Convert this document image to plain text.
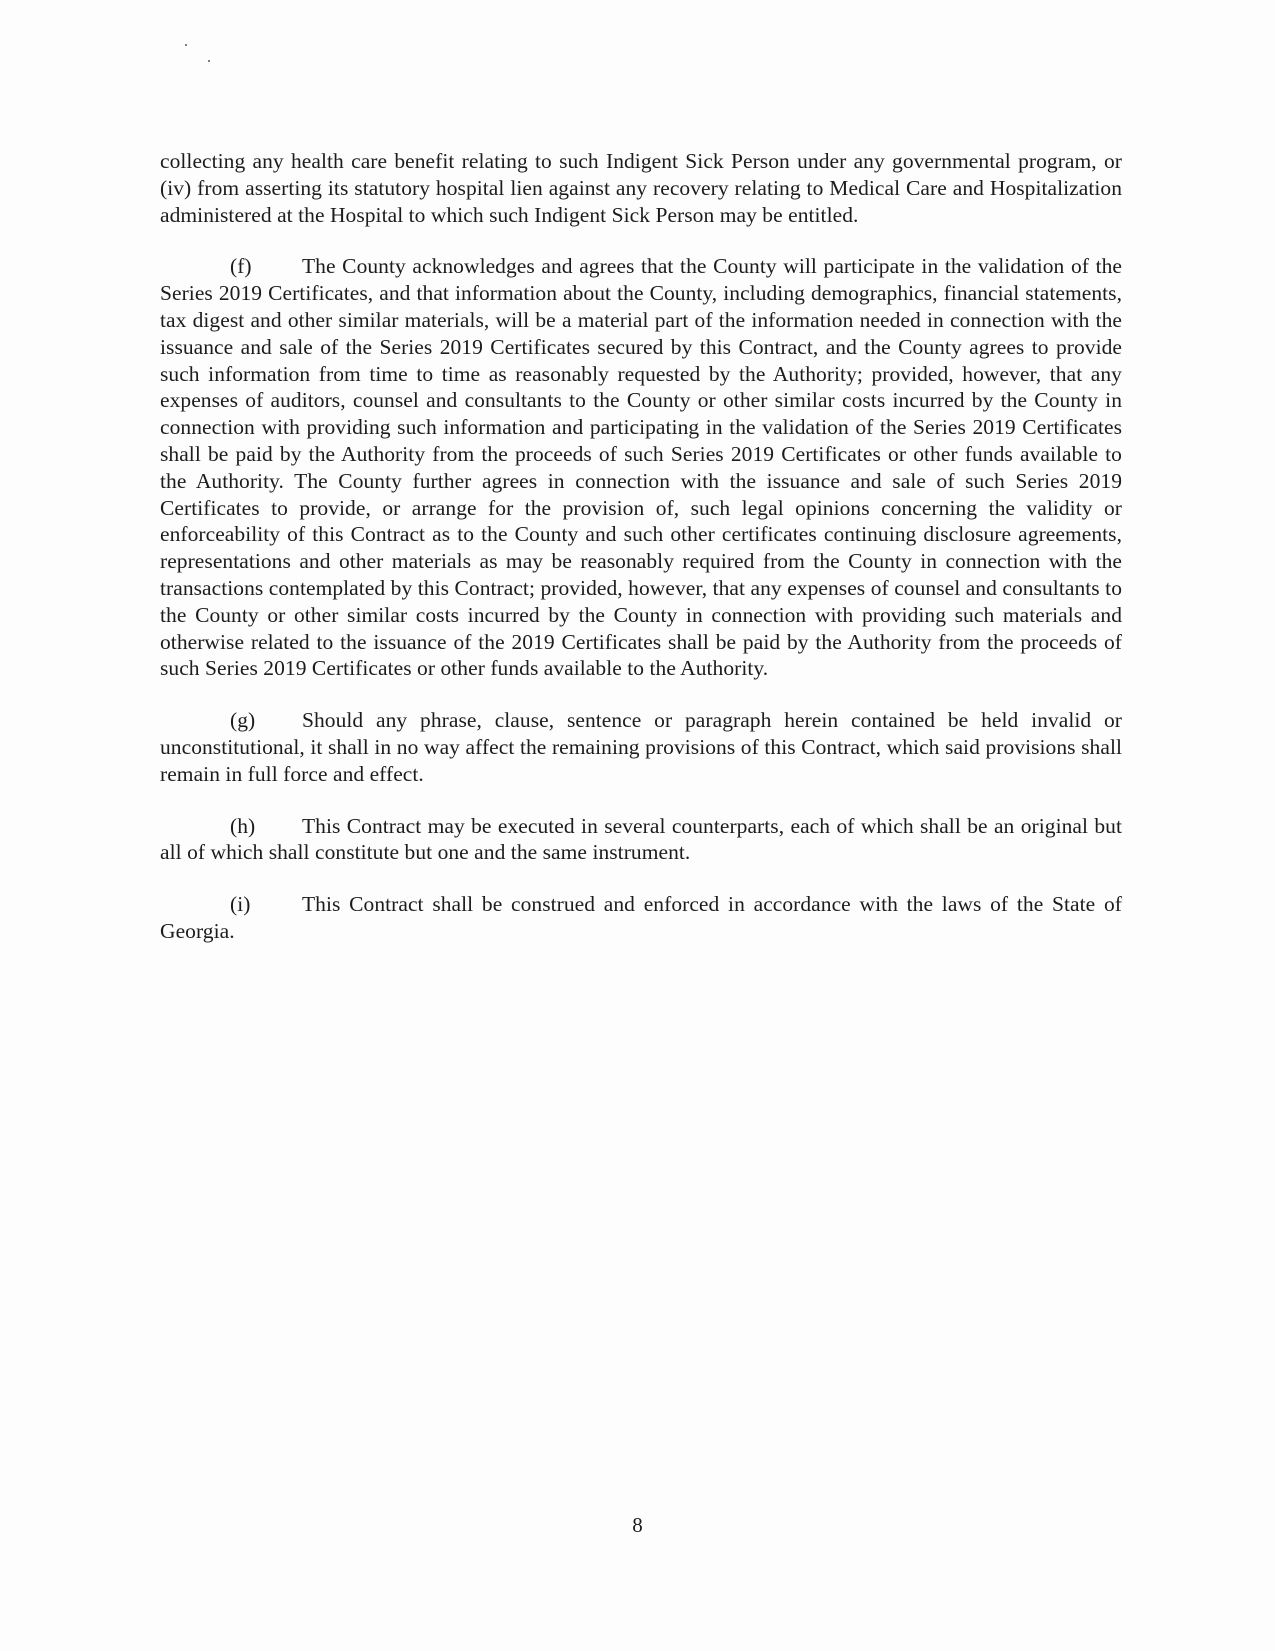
collecting any health care benefit relating to such Indigent Sick Person under any governmental program, or (iv) from asserting its statutory hospital lien against any recovery relating to Medical Care and Hospitalization administered at the Hospital to which such Indigent Sick Person may be entitled.

(f) The County acknowledges and agrees that the County will participate in the validation of the Series 2019 Certificates, and that information about the County, including demographics, financial statements, tax digest and other similar materials, will be a material part of the information needed in connection with the issuance and sale of the Series 2019 Certificates secured by this Contract, and the County agrees to provide such information from time to time as reasonably requested by the Authority; provided, however, that any expenses of auditors, counsel and consultants to the County or other similar costs incurred by the County in connection with providing such information and participating in the validation of the Series 2019 Certificates shall be paid by the Authority from the proceeds of such Series 2019 Certificates or other funds available to the Authority. The County further agrees in connection with the issuance and sale of such Series 2019 Certificates to provide, or arrange for the provision of, such legal opinions concerning the validity or enforceability of this Contract as to the County and such other certificates continuing disclosure agreements, representations and other materials as may be reasonably required from the County in connection with the transactions contemplated by this Contract; provided, however, that any expenses of counsel and consultants to the County or other similar costs incurred by the County in connection with providing such materials and otherwise related to the issuance of the 2019 Certificates shall be paid by the Authority from the proceeds of such Series 2019 Certificates or other funds available to the Authority.

(g) Should any phrase, clause, sentence or paragraph herein contained be held invalid or unconstitutional, it shall in no way affect the remaining provisions of this Contract, which said provisions shall remain in full force and effect.

(h) This Contract may be executed in several counterparts, each of which shall be an original but all of which shall constitute but one and the same instrument.

(i) This Contract shall be construed and enforced in accordance with the laws of the State of Georgia.

8
